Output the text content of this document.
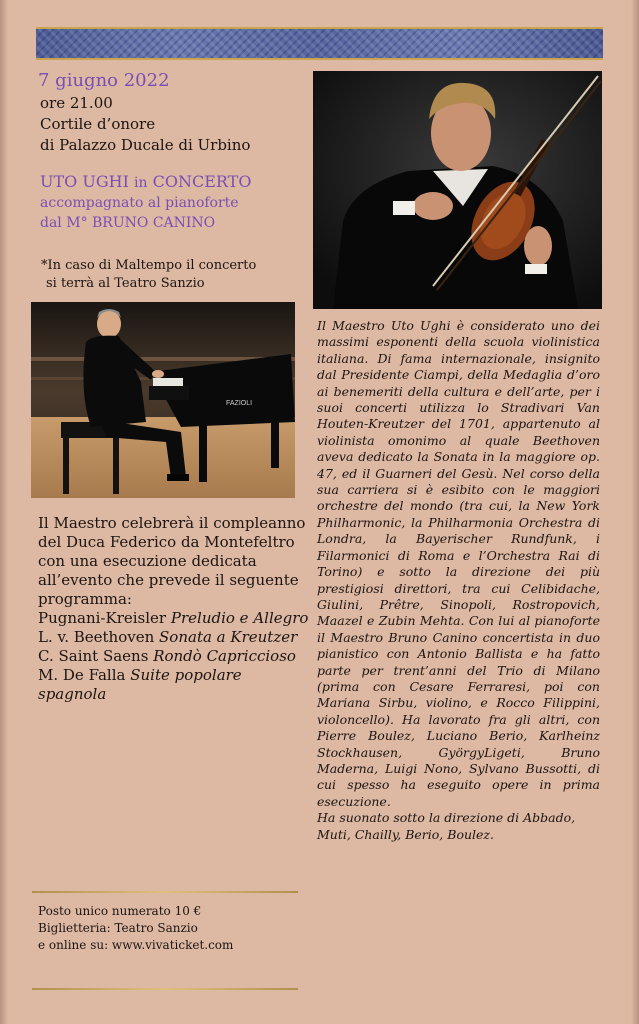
7 giugno 2022
ore 21.00
Cortile d’onore
di Palazzo Ducale di Urbino
UTO UGHI in CONCERTO
accompagnato al pianoforte
dal M° BRUNO CANINO
*In caso di Maltempo il concerto
si terrà al Teatro Sanzio
FAZIOLI
Il Maestro celebrerà il compleanno
del Duca Federico da Montefeltro
con una esecuzione dedicata
all’evento che prevede il seguente
programma:
Pugnani-Kreisler Preludio e Allegro
L. v. Beethoven Sonata a Kreutzer
C. Saint Saens Rondò Capriccioso
M. De Falla Suite popolare spagnola

Il Maestro Uto Ughi è considerato uno dei massimi esponenti della scuola violinistica italiana. Di fama internazionale, insignito dal Presidente Ciampi, della Medaglia d’oro ai benemeriti della cultura e dell’arte, per i suoi concerti utilizza lo Stradivari Van Houten-Kreutzer del 1701, appartenuto al violinista omonimo al quale Beethoven aveva dedicato la Sonata in la maggiore op. 47, ed il Guarneri del Gesù. Nel corso della sua carriera si è esibito con le maggiori orchestre del mondo (tra cui, la New York Philharmonic, la Philharmonia Orchestra di Londra, la Bayerischer Rundfunk, i Filarmonici di Roma e l’Orchestra Rai di Torino) e sotto la direzione dei più prestigiosi direttori, tra cui Celibidache, Giulini, Prêtre, Sinopoli, Rostropovich, Maazel e Zubin Mehta. Con lui al pianoforte il Maestro Bruno Canino concertista in duo pianistico con Antonio Ballista e ha fatto parte per trent’anni del Trio di Milano (prima con Cesare Ferraresi, poi con Mariana Sirbu, violino, e Rocco Filippini, violoncello). Ha lavorato fra gli altri, con Pierre Boulez, Luciano Berio, Karlheinz Stockhausen, GyörgyLigeti, Bruno Maderna, Luigi Nono, Sylvano Bussotti, di cui spesso ha eseguito opere in prima esecuzione.

Ha suonato sotto la direzione di Abbado, Muti, Chailly, Berio, Boulez.

Posto unico numerato 10 €
Biglietteria: Teatro Sanzio
e online su: www.vivaticket.com
